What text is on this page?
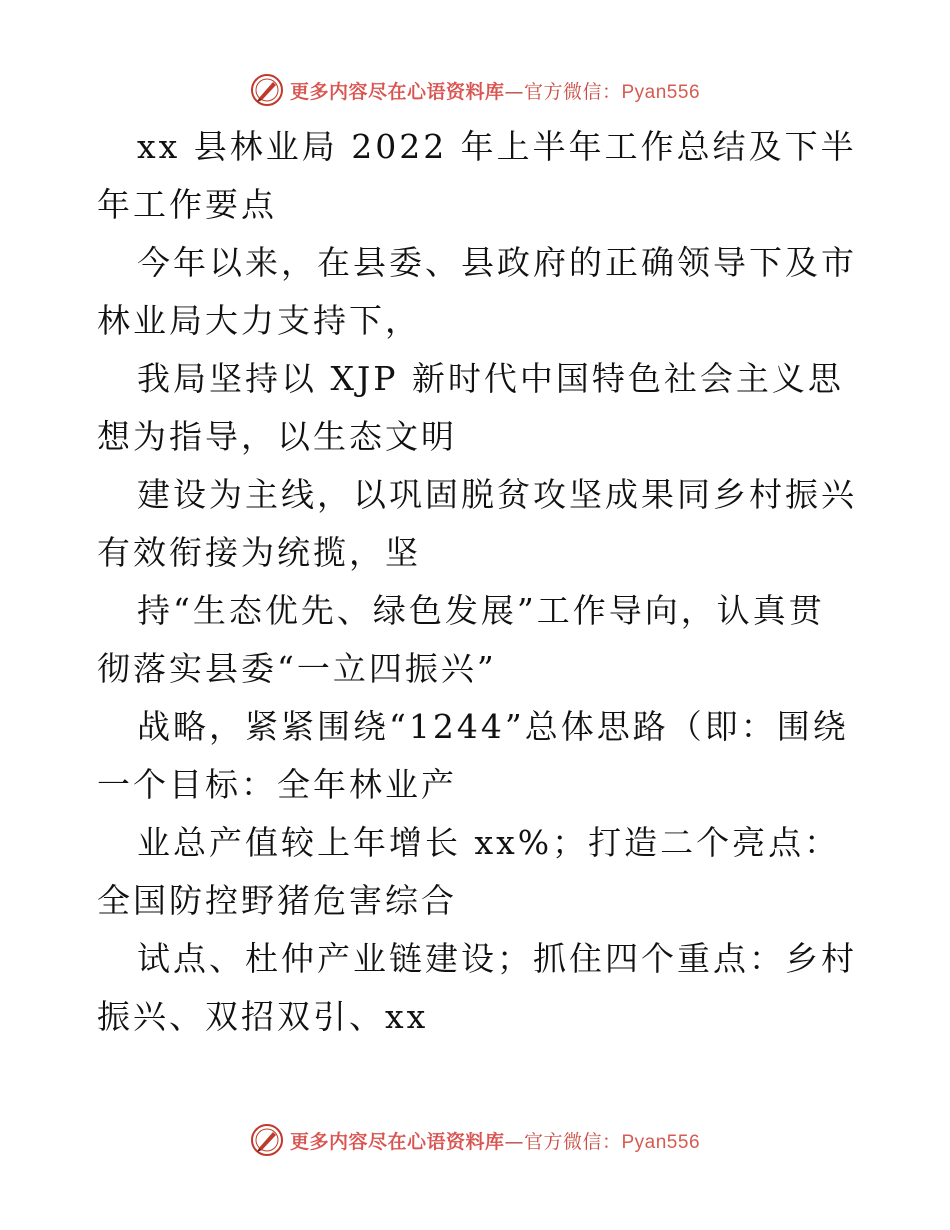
更多内容尽在心语资料库—官方微信：Pyan556

xx 县林业局 2022 年上半年工作总结及下半年工作要点

今年以来，在县委、县政府的正确领导下及市林业局大力支持下，

我局坚持以 XJP 新时代中国特色社会主义思想为指导，以生态文明

建设为主线，以巩固脱贫攻坚成果同乡村振兴有效衔接为统揽，坚

持“生态优先、绿色发展”工作导向，认真贯彻落实县委“一立四振兴”

战略，紧紧围绕“1244”总体思路（即：围绕一个目标：全年林业产

业总产值较上年增长 xx%；打造二个亮点：全国防控野猪危害综合

试点、杜仲产业链建设；抓住四个重点：乡村振兴、双招双引、xx

更多内容尽在心语资料库—官方微信：Pyan556
